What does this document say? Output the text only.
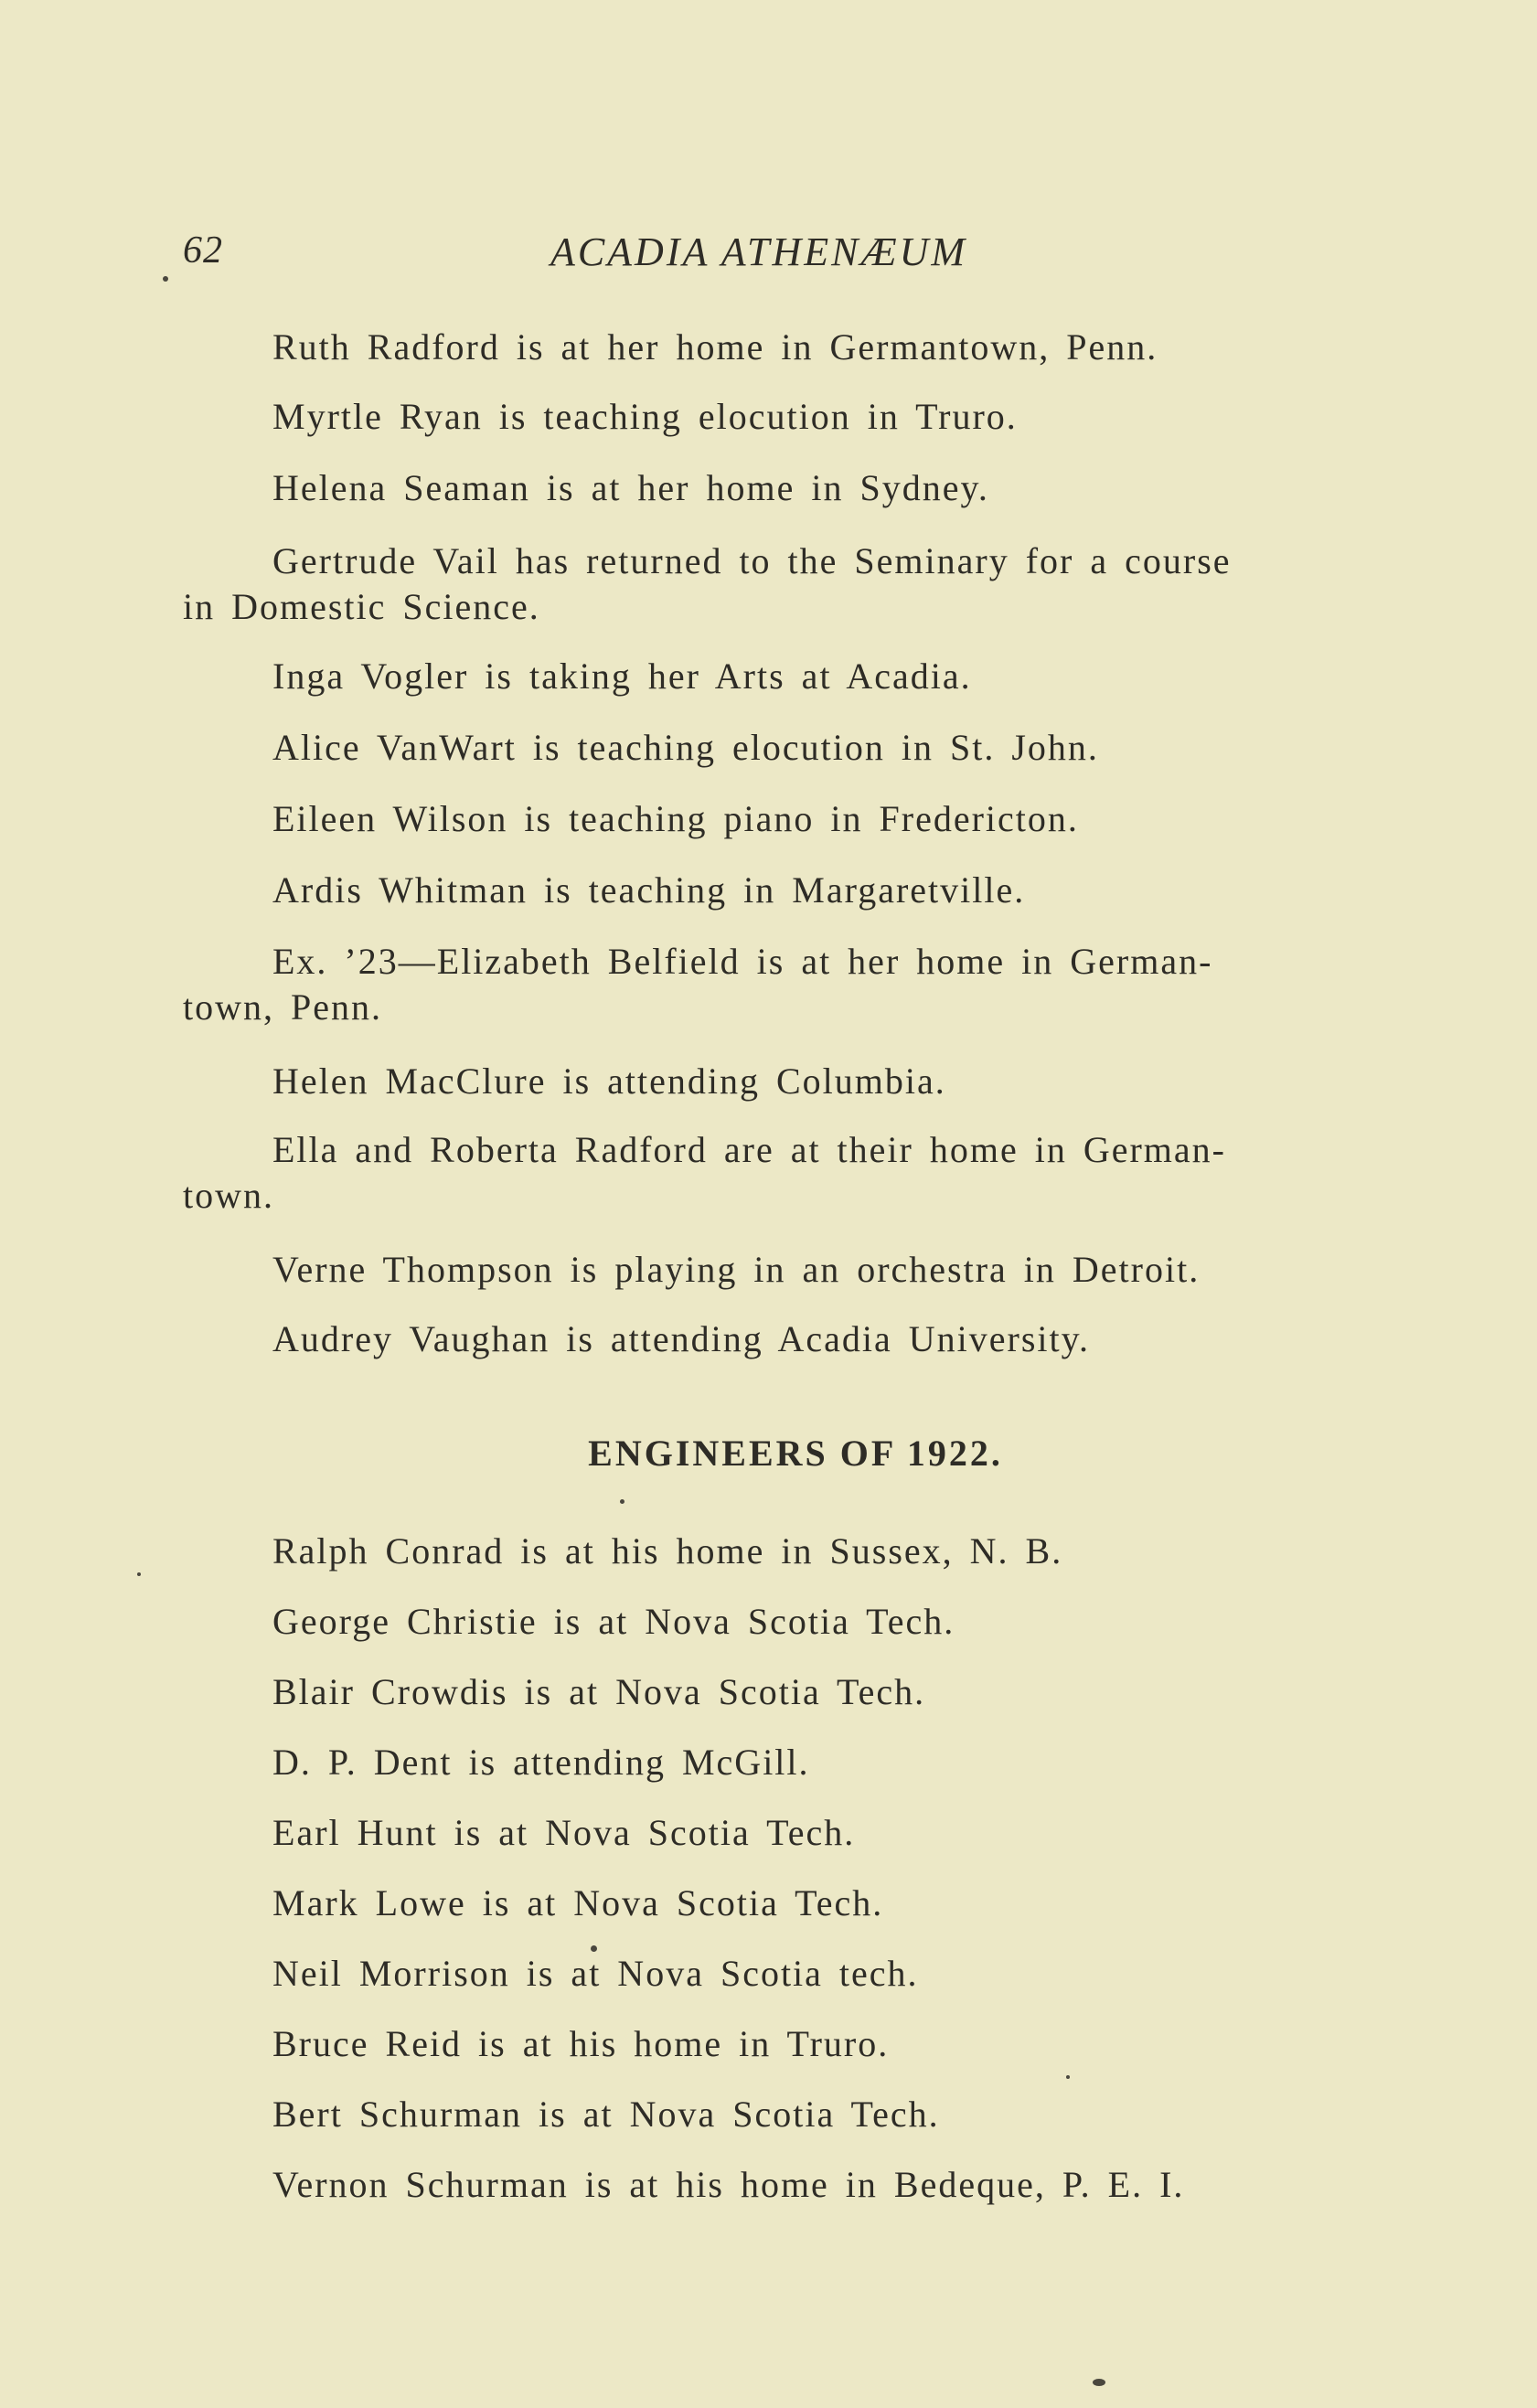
62	ACADIA ATHENÆUM

Ruth Radford is at her home in Germantown, Penn.

Myrtle Ryan is teaching elocution in Truro.

Helena Seaman is at her home in Sydney.

Gertrude Vail has returned to the Seminary for a course
in Domestic Science.

Inga Vogler is taking her Arts at Acadia.

Alice VanWart is teaching elocution in St. John.

Eileen Wilson is teaching piano in Fredericton.

Ardis Whitman is teaching in Margaretville.

Ex. ’23—Elizabeth Belfield is at her home in German-
town, Penn.

Helen MacClure is attending Columbia.

Ella and Roberta Radford are at their home in German-
town.

Verne Thompson is playing in an orchestra in Detroit.

Audrey Vaughan is attending Acadia University.

ENGINEERS OF 1922.

Ralph Conrad is at his home in Sussex, N. B.

George Christie is at Nova Scotia Tech.

Blair Crowdis is at Nova Scotia Tech.

D. P. Dent is attending McGill.

Earl Hunt is at Nova Scotia Tech.

Mark Lowe is at Nova Scotia Tech.

Neil Morrison is at Nova Scotia tech.

Bruce Reid is at his home in Truro.

Bert Schurman is at Nova Scotia Tech.

Vernon Schurman is at his home in Bedeque, P. E. I.
